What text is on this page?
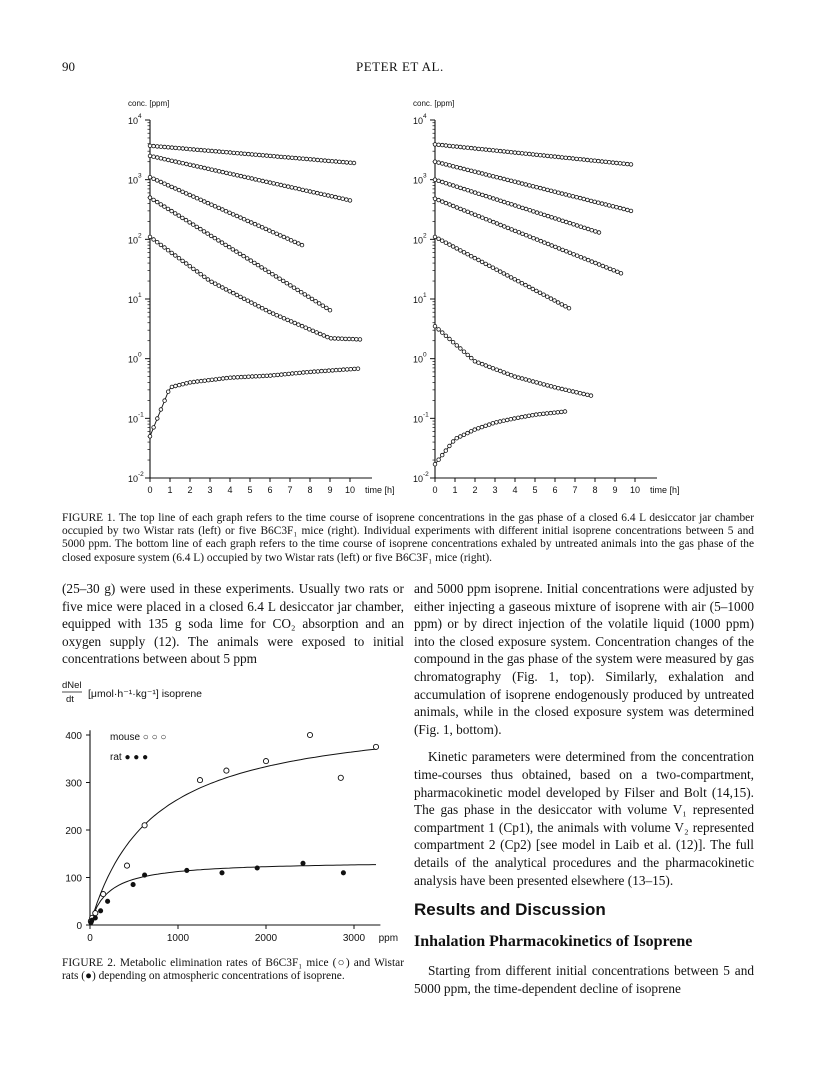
90	PETER ET AL.
10 4
10 3
10 2
10 1
10 0
10 -1
10 -2
conc. [ppm]
0 1 2 3 4 5 6 7 8 9 10 time [h]
10 4
10 3
10 2
10 1
10 0
10 -1
10 -2
conc. [ppm]
0 1 2 3 4 5 6 7 8 9 10 time [h]
FIGURE 1. The top line of each graph refers to the time course of isoprene concentrations in the gas phase of a closed 6.4 L desiccator jar chamber occupied by two Wistar rats (left) or five B6C3F₁ mice (right). Individual experiments with different initial isoprene concentrations between 5 and 5000 ppm. The bottom line of each graph refers to the time course of isoprene concentrations exhaled by untreated animals into the gas phase of the closed exposure system (6.4 L) occupied by two Wistar rats (left) or five B6C3F₁ mice (right).
(25–30 g) were used in these experiments. Usually two rats or five mice were placed in a closed 6.4 L desiccator jar chamber, equipped with 135 g soda lime for CO₂ absorption and an oxygen supply (12). The animals were exposed to initial concentrations between about 5 ppm
dNel
dt [μmol·h⁻¹·kg⁻¹] isoprene
0
100
200
300
400
0	1000	2000	3000 ppm
mouse ○ ○ ○
rat ● ● ●
FIGURE 2. Metabolic elimination rates of B6C3F₁ mice (○) and Wistar rats (●) depending on atmospheric concentrations of isoprene.

and 5000 ppm isoprene. Initial concentrations were adjusted by either injecting a gaseous mixture of isoprene with air (5–1000 ppm) or by direct injection of the volatile liquid (1000 ppm) into the closed exposure system. Concentration changes of the compound in the gas phase of the system were measured by gas chromatography (Fig. 1, top). Similarly, exhalation and accumulation of isoprene endogenously produced by untreated animals, while in the closed exposure system was determined (Fig. 1, bottom).

Kinetic parameters were determined from the concentration time-courses thus obtained, based on a two-compartment, pharmacokinetic model developed by Filser and Bolt (14,15). The gas phase in the desiccator with volume V₁ represented compartment 1 (Cp1), the animals with volume V₂ represented compartment 2 (Cp2) [see model in Laib et al. (12)]. The full details of the analytical procedures and the pharmacokinetic analysis have been presented elsewhere (13–15).

Results and Discussion
Inhalation Pharmacokinetics of Isoprene

Starting from different initial concentrations between 5 and 5000 ppm, the time-dependent decline of isoprene
